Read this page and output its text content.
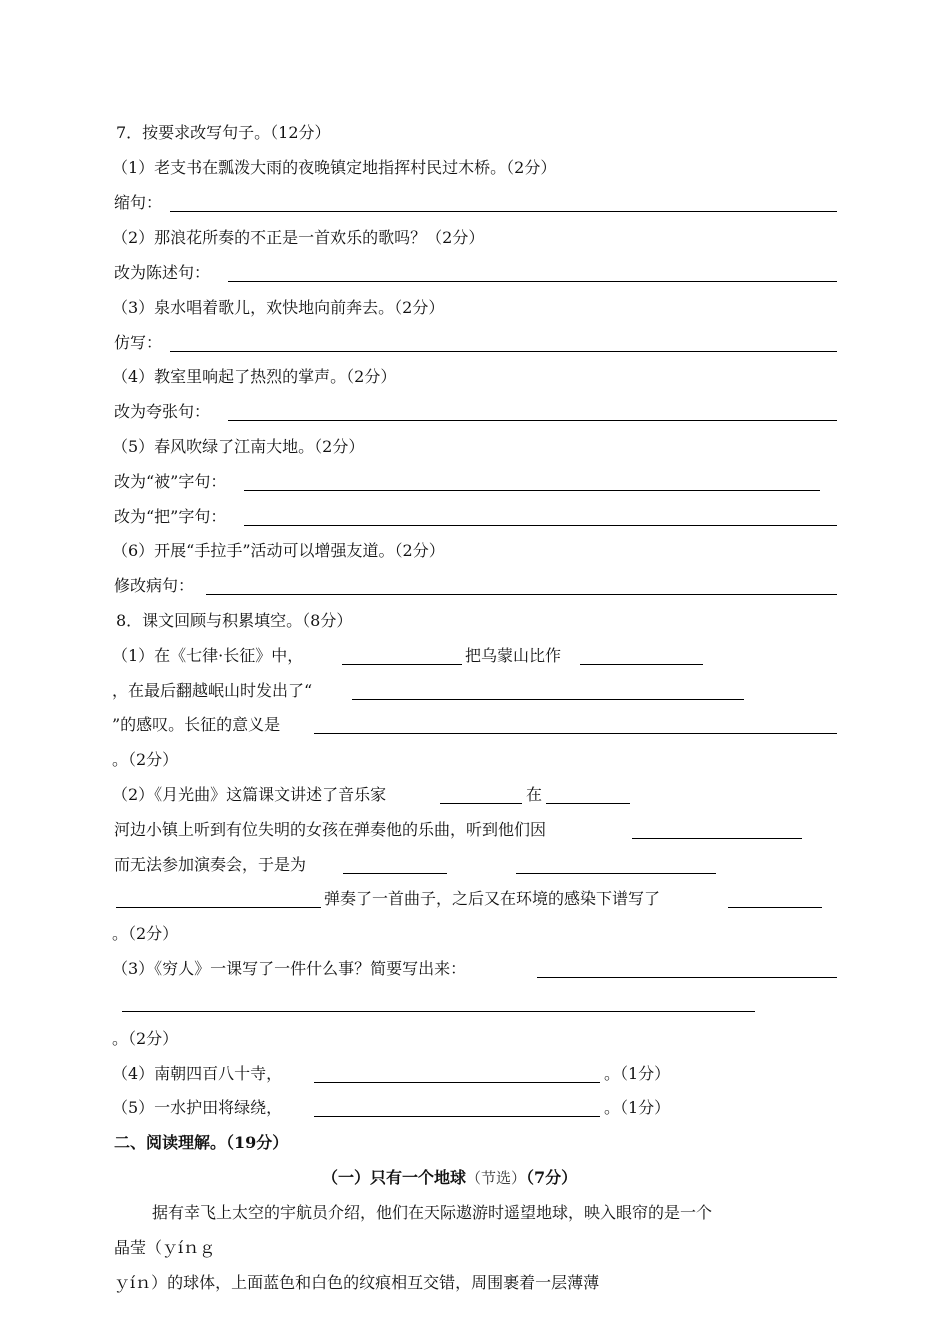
7．按要求改写句子。（12分）
（1）老支书在瓢泼大雨的夜晚镇定地指挥村民过木桥。（2分）
缩句：
（2）那浪花所奏的不正是一首欢乐的歌吗？（2分）
改为陈述句：
（3）泉水唱着歌儿，欢快地向前奔去。（2分）
仿写：
（4）教室里响起了热烈的掌声。（2分）
改为夸张句：
（5）春风吹绿了江南大地。（2分）
改为“被”字句：
改为“把”字句：
（6）开展“手拉手”活动可以增强友道。（2分）
修改病句：
8．课文回顾与积累填空。（8分）
（1）在《七律·长征》中，	把乌蒙山比作
，在最后翻越岷山时发出了“
”的感叹。长征的意义是
。（2分）
（2）《月光曲》这篇课文讲述了音乐家	在
河边小镇上听到有位失明的女孩在弹奏他的乐曲，听到他们因
而无法参加演奏会，于是为
弹奏了一首曲子，之后又在环境的感染下谱写了
。（2分）
（3）《穷人》一课写了一件什么事？简要写出来：
。（2分）
（4）南朝四百八十寺，	。（1分）
（5）一水护田将绿绕，	。（1分）
二、阅读理解。（19分）
（一）只有一个地球（节选）（7分）
据有幸飞上太空的宇航员介绍，他们在天际遨游时遥望地球，映入眼帘的是一个
晶莹（ｙíｎｇ
ｙíｎ）的球体，上面蓝色和白色的纹痕相互交错，周围裹着一层薄薄
